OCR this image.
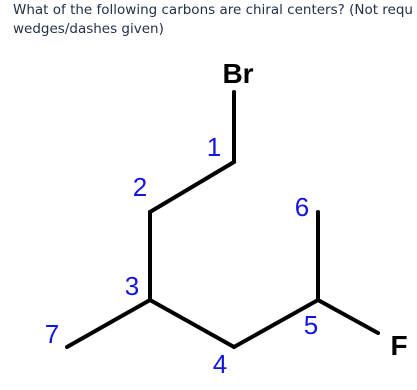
What of the following carbons are chiral centers? (Not requ
wedges/dashes given)
Br
F
1
2
3
4
5
6
7
